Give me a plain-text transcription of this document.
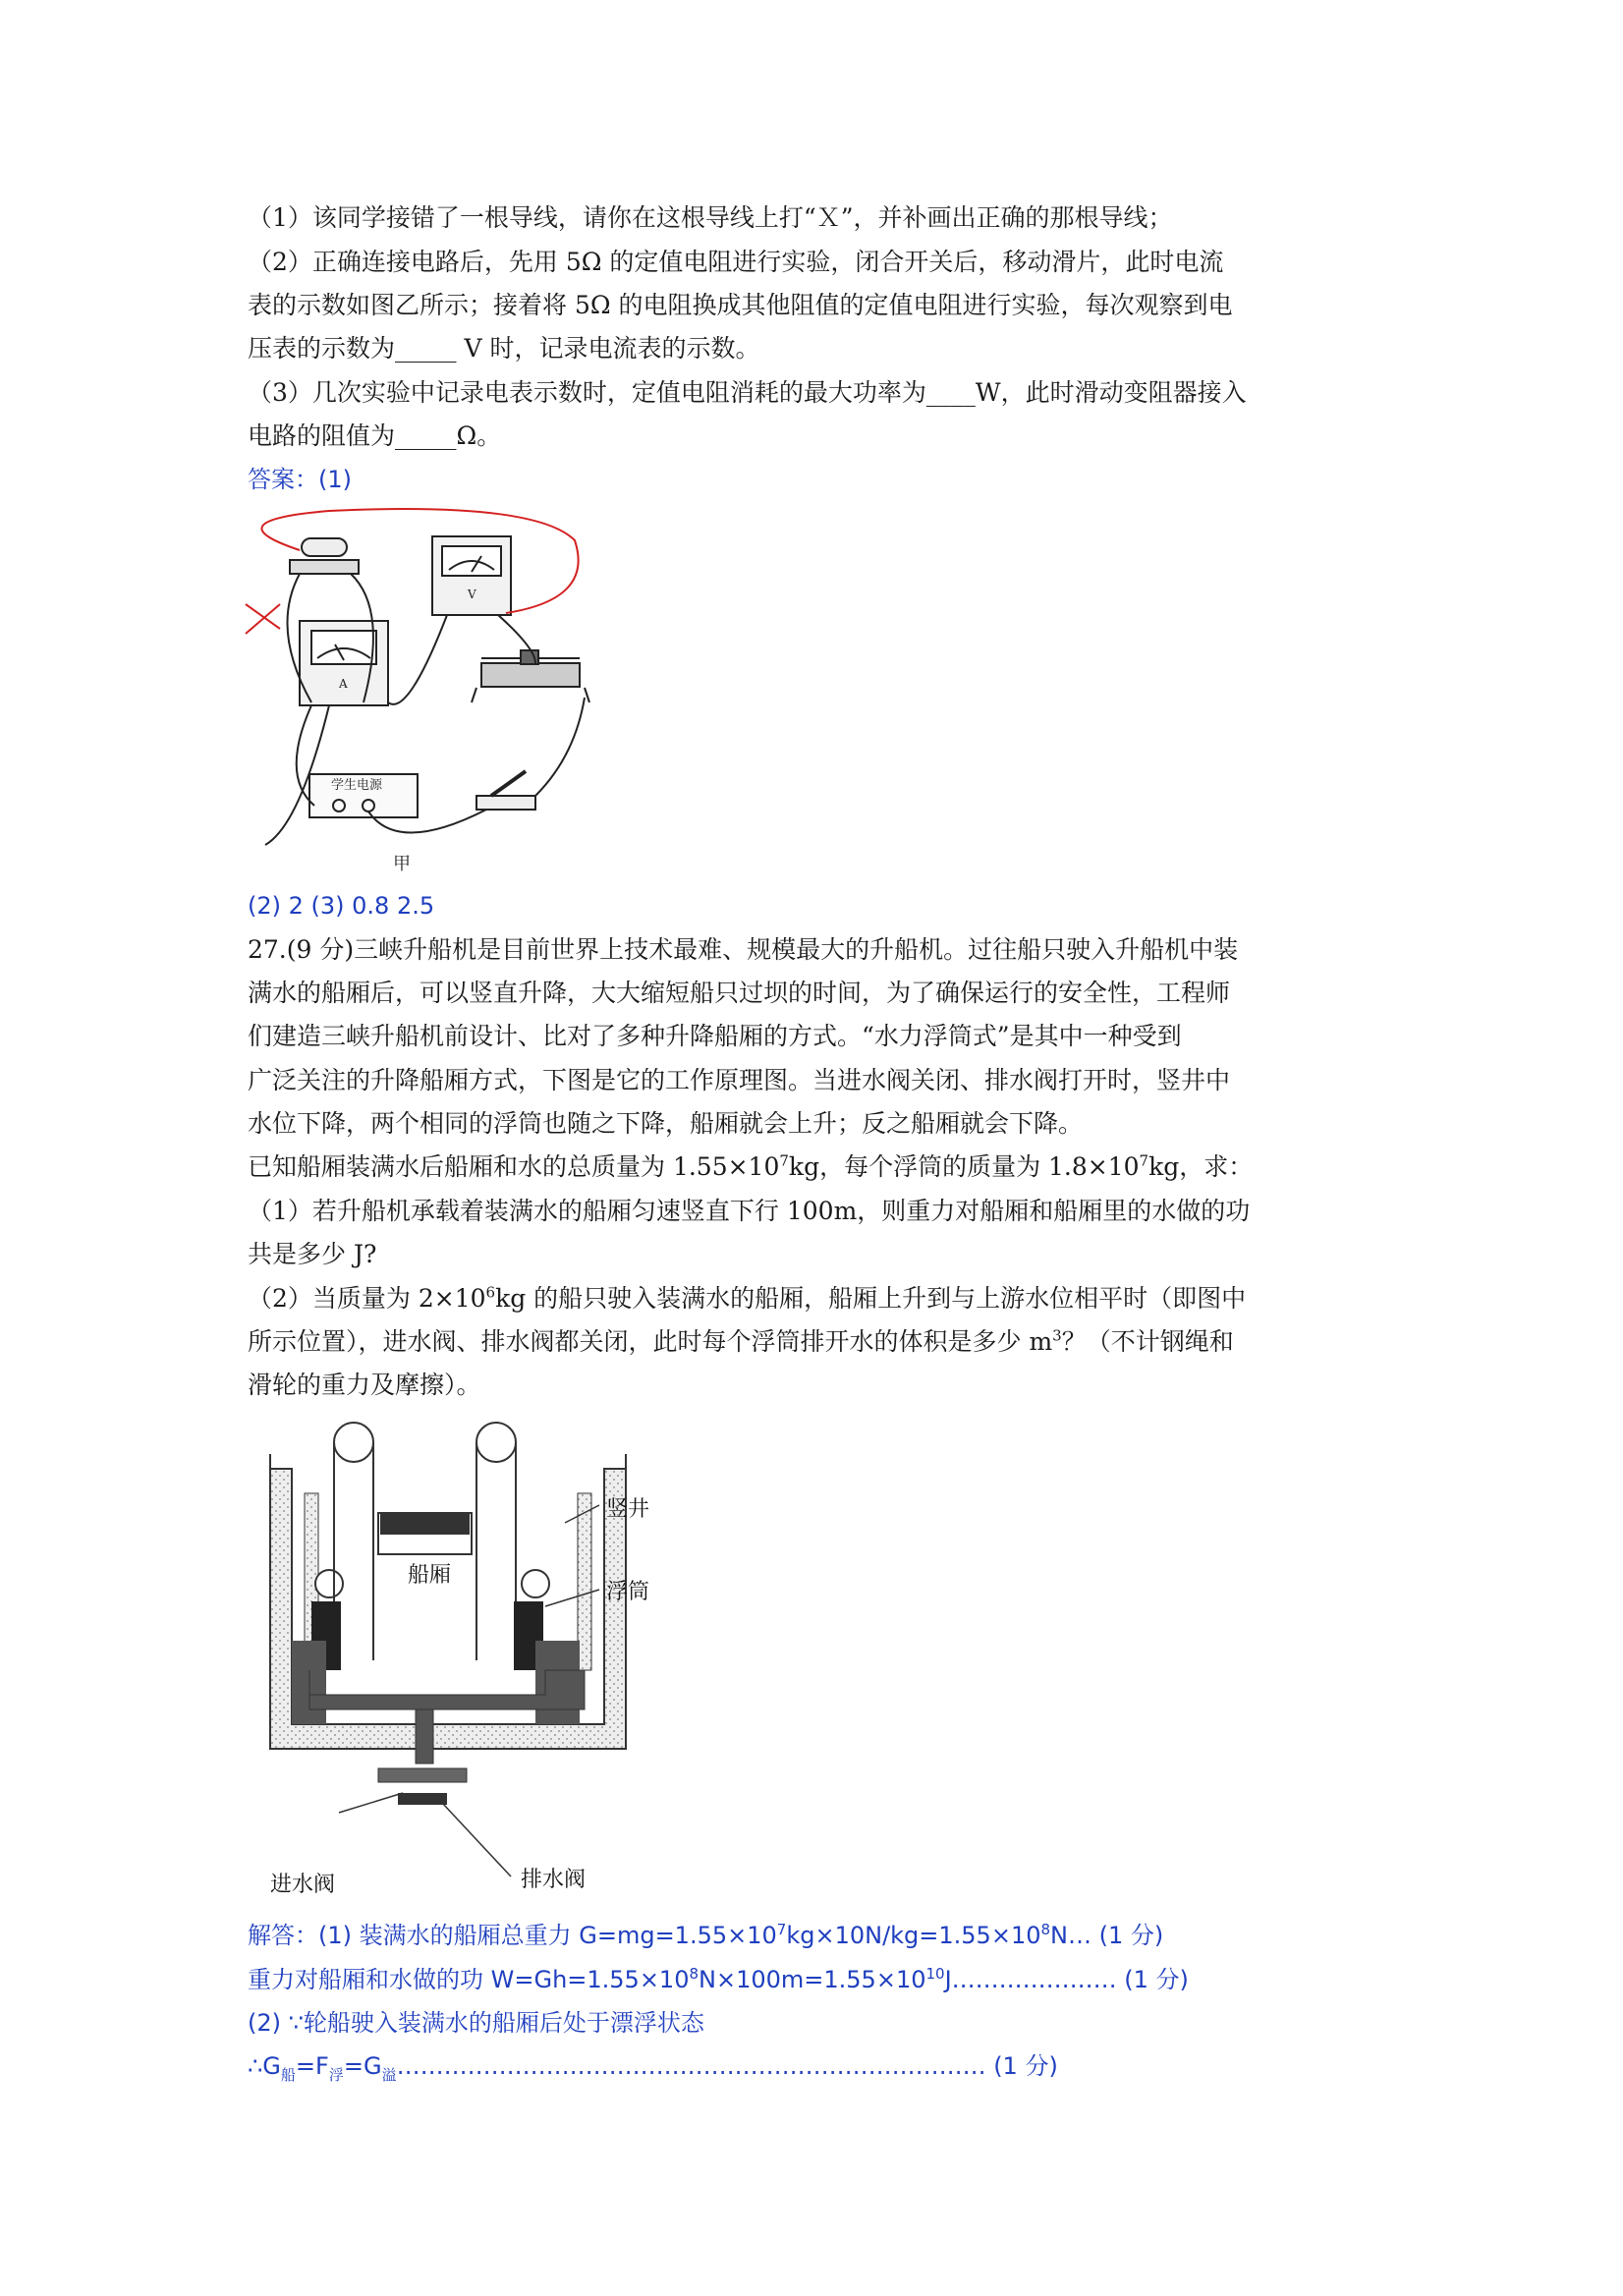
（1）该同学接错了一根导线，请你在这根导线上打“Ｘ”，并补画出正确的那根导线；
（2）正确连接电路后，先用 5Ω 的定值电阻进行实验，闭合开关后，移动滑片，此时电流
表的示数如图乙所示；接着将 5Ω 的电阻换成其他阻值的定值电阻进行实验，每次观察到电
压表的示数为_____ V 时，记录电流表的示数。
（3）几次实验中记录电表示数时，定值电阻消耗的最大功率为____W，此时滑动变阻器接入
电路的阻值为_____Ω。
答案：(1)
V
A
学生电源
甲
(2) 2 (3) 0.8 2.5
27.(9 分)三峡升船机是目前世界上技术最难、规模最大的升船机。过往船只驶入升船机中装
满水的船厢后，可以竖直升降，大大缩短船只过坝的时间，为了确保运行的安全性，工程师
们建造三峡升船机前设计、比对了多种升降船厢的方式。“水力浮筒式”是其中一种受到
广泛关注的升降船厢方式，下图是它的工作原理图。当进水阀关闭、排水阀打开时，竖井中
水位下降，两个相同的浮筒也随之下降，船厢就会上升；反之船厢就会下降。
已知船厢装满水后船厢和水的总质量为 $1.55\times 10^7kg$，每个浮筒的质量为 $1.8\times 10^7kg$，求：
（1）若升船机承载着装满水的船厢匀速竖直下行 100m，则重力对船厢和船厢里的水做的功
共是多少 J?
（2）当质量为 $2\times 10^6kg$ 的船只驶入装满水的船厢，船厢上升到与上游水位相平时（即图中
所示位置），进水阀、排水阀都关闭，此时每个浮筒排开水的体积是多少 $m^3$？（不计钢绳和
滑轮的重力及摩擦）。
船厢
竖井
浮筒
进水阀	排水阀
解答：(1) 装满水的船厢总重力 $G=mg=1.55\times 10^7kg\times 10N/kg=1.55\times 10^8N\dots$ (1 分)
重力对船厢和水做的功 $W=Gh=1.55\times 10^8N\times 100m=1.55\times 10^{10}J\dots\dots\dots\dots\dots\dots\dots$ (1 分)
(2) ∵轮船驶入装满水的船厢后处于漂浮状态
$\therefore G_船=F_浮=G_溢\dots\dots\dots\dots\dots\dots\dots\dots\dots\dots\dots\dots\dots\dots\dots\dots\dots\dots\dots\dots\dots\dots\dots\dots\dots$ (1 分)
